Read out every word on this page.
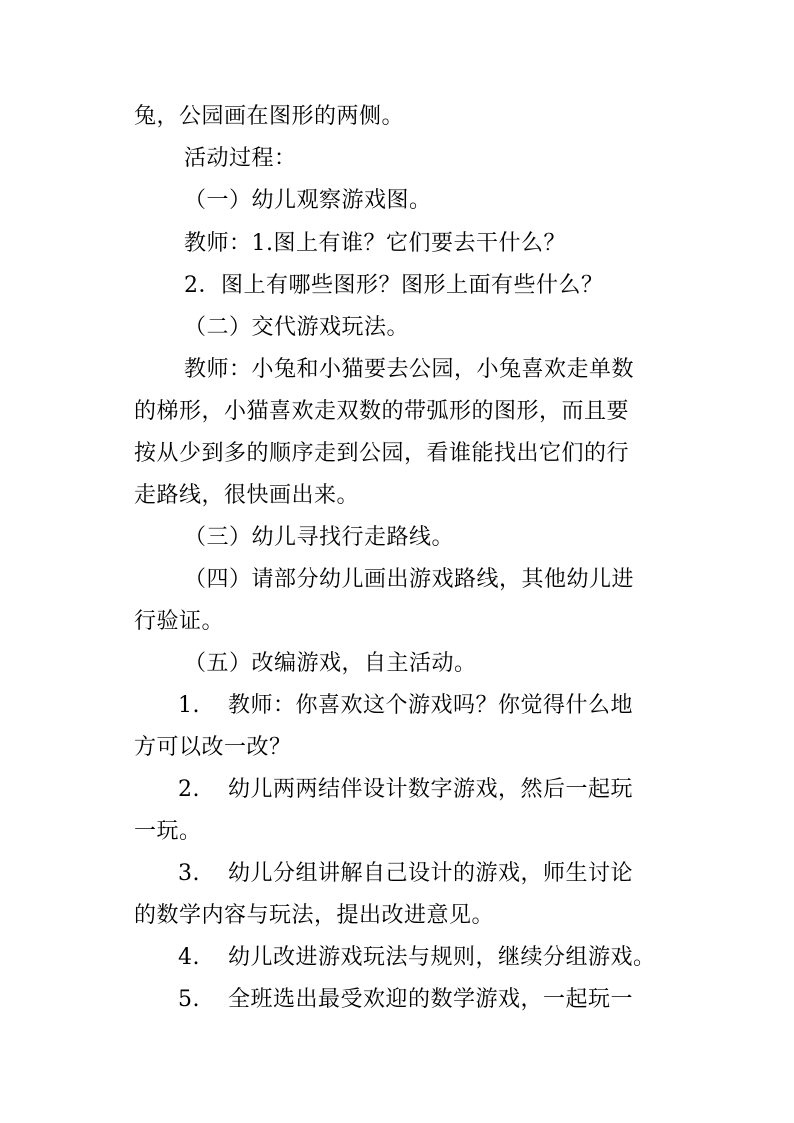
兔，公园画在图形的两侧。
活动过程：
（一）幼儿观察游戏图。
教师：1.图上有谁？它们要去干什么？
2．图上有哪些图形？图形上面有些什么？
（二）交代游戏玩法。
教师：小兔和小猫要去公园，小兔喜欢走单数
的梯形，小猫喜欢走双数的带弧形的图形，而且要
按从少到多的顺序走到公园，看谁能找出它们的行
走路线，很快画出来。
（三）幼儿寻找行走路线。
（四）请部分幼儿画出游戏路线，其他幼儿进
行验证。
（五）改编游戏，自主活动。
1. 教师：你喜欢这个游戏吗？你觉得什么地
方可以改一改？
2. 幼儿两两结伴设计数字游戏，然后一起玩
一玩。
3. 幼儿分组讲解自己设计的游戏，师生讨论
的数学内容与玩法，提出改进意见。
4. 幼儿改进游戏玩法与规则，继续分组游戏。
5. 全班选出最受欢迎的数学游戏，一起玩一
